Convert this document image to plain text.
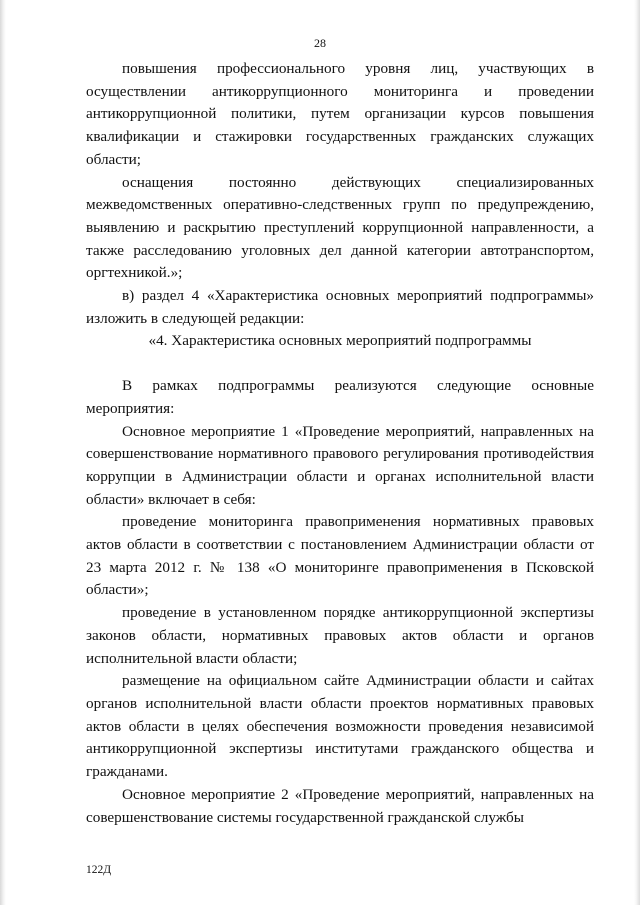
28

повышения профессионального уровня лиц, участвующих в осуществлении антикоррупционного мониторинга и проведении антикоррупционной политики, путем организации курсов повышения квалификации и стажировки государственных гражданских служащих области;

оснащения постоянно действующих специализированных межведомственных оперативно-следственных групп по предупреждению, выявлению и раскрытию преступлений коррупционной направленности, а также расследованию уголовных дел данной категории автотранспортом, оргтехникой.»;

в) раздел 4 «Характеристика основных мероприятий подпрограммы» изложить в следующей редакции:

«4. Характеристика основных мероприятий подпрограммы

В рамках подпрограммы реализуются следующие основные мероприятия:

Основное мероприятие 1 «Проведение мероприятий, направленных на совершенствование нормативного правового регулирования противодействия коррупции в Администрации области и органах исполнительной власти области» включает в себя:

проведение мониторинга правоприменения нормативных правовых актов области в соответствии с постановлением Администрации области от 23 марта 2012 г. № 138 «О мониторинге правоприменения в Псковской области»;

проведение в установленном порядке антикоррупционной экспертизы законов области, нормативных правовых актов области и органов исполнительной власти области;

размещение на официальном сайте Администрации области и сайтах органов исполнительной власти области проектов нормативных правовых актов области в целях обеспечения возможности проведения независимой антикоррупционной экспертизы институтами гражданского общества и гражданами.

Основное мероприятие 2 «Проведение мероприятий, направленных на совершенствование системы государственной гражданской службы

122Д
